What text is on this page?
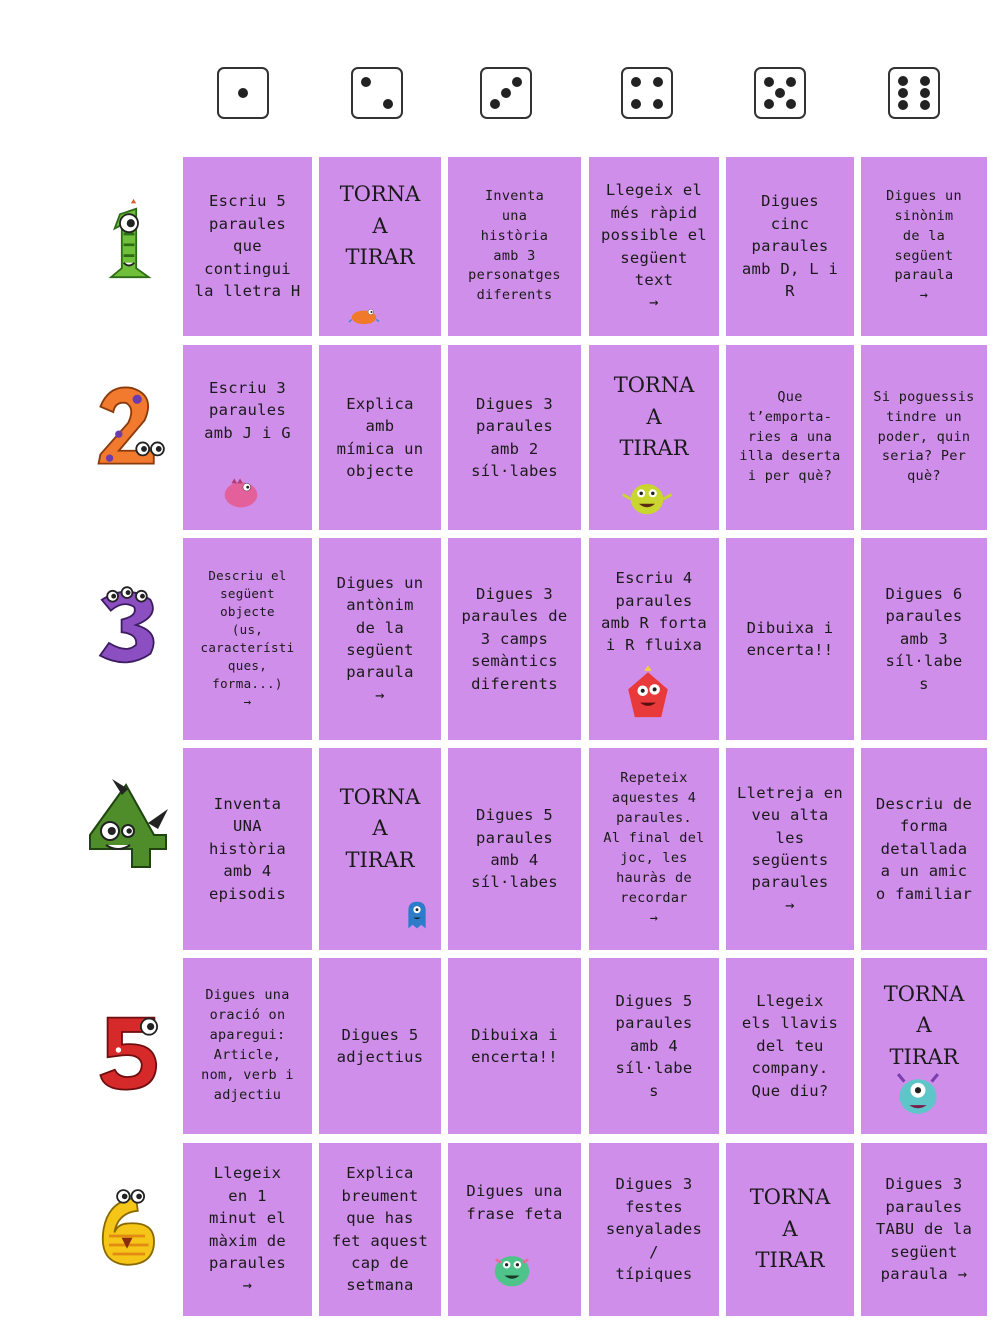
Escriu 5
paraules
que
contingui
la lletra H
TORNA
A
TIRAR
Inventa
una
història
amb 3
personatges
diferents
Llegeix el
més ràpid
possible el
següent
text
→
Digues
cinc
paraules
amb D, L i
R
Digues un
sinònim
de la
següent
paraula
→
Escriu 3
paraules
amb J i G
Explica
amb
mímica un
objecte
Digues 3
paraules
amb 2
síl·labes
TORNA
A
TIRAR
Que
t’emporta-
ries a una
illa deserta
i per què?
Si poguessis
tindre un
poder, quin
seria? Per
què?
Descriu el
següent
objecte
(us,
característi
ques,
forma...)
→
Digues un
antònim
de la
següent
paraula
→
Digues 3
paraules de
3 camps
semàntics
diferents
Escriu 4
paraules
amb R forta
i R fluixa
Dibuixa i
encerta!!
Digues 6
paraules
amb 3
síl·labe
s
Inventa
UNA
història
amb 4
episodis
TORNA
A
TIRAR
Digues 5
paraules
amb 4
síl·labes
Repeteix
aquestes 4
paraules.
Al final del
joc, les
hauràs de
recordar
→
Lletreja en
veu alta
les
següents
paraules
→
Descriu de
forma
detallada
a un amic
o familiar
Digues una
oració on
aparegui:
Article,
nom, verb i
adjectiu
Digues 5
adjectius
Dibuixa i
encerta!!
Digues 5
paraules
amb 4
síl·labe
s
Llegeix
els llavis
del teu
company.
Que diu?
TORNA
A
TIRAR
Llegeix
en 1
minut el
màxim de
paraules
→
Explica
breument
que has
fet aquest
cap de
setmana
Digues una
frase feta
Digues 3
festes
senyalades
/
típiques
TORNA
A
TIRAR
Digues 3
paraules
TABU de la
següent
paraula →
